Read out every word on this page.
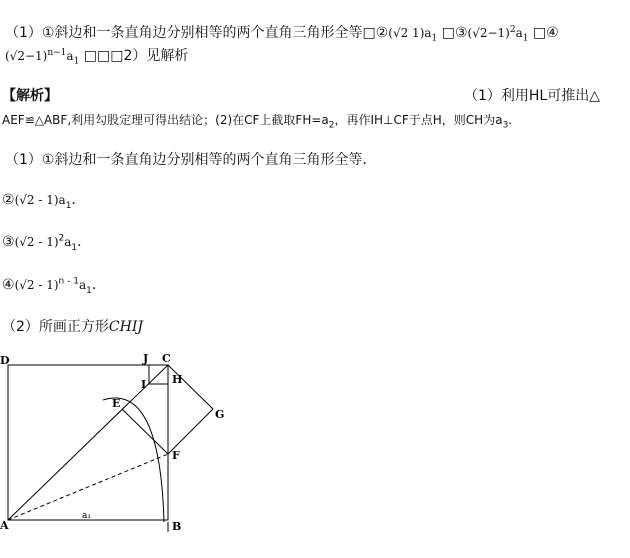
（1）①斜边和一条直角边分别相等的两个直角三角形全等□②(√2 $1)a_1$ $□③(√2-1)^2a_1$ □④
$(√2-1)^{n-1}a_1$ □□□2）见解析
【解析】	（1）利用HL可推出△
AEF≌△ABF,利用勾股定理可得出结论；(2)在CF上截取$FH=a_2$，再作IH⊥CF于点H，则CH为$a_3$.
（1）①斜边和一条直角边分别相等的两个直角三角形全等．
②(√2 - $1)a_1$．
③(√2 - $1)^2a_1$．
④(√2 - $1)^{n - 1}a_1$．
（2）所画正方形CHIJ
D	J C
I H
E
G
F
A	B
a₁
